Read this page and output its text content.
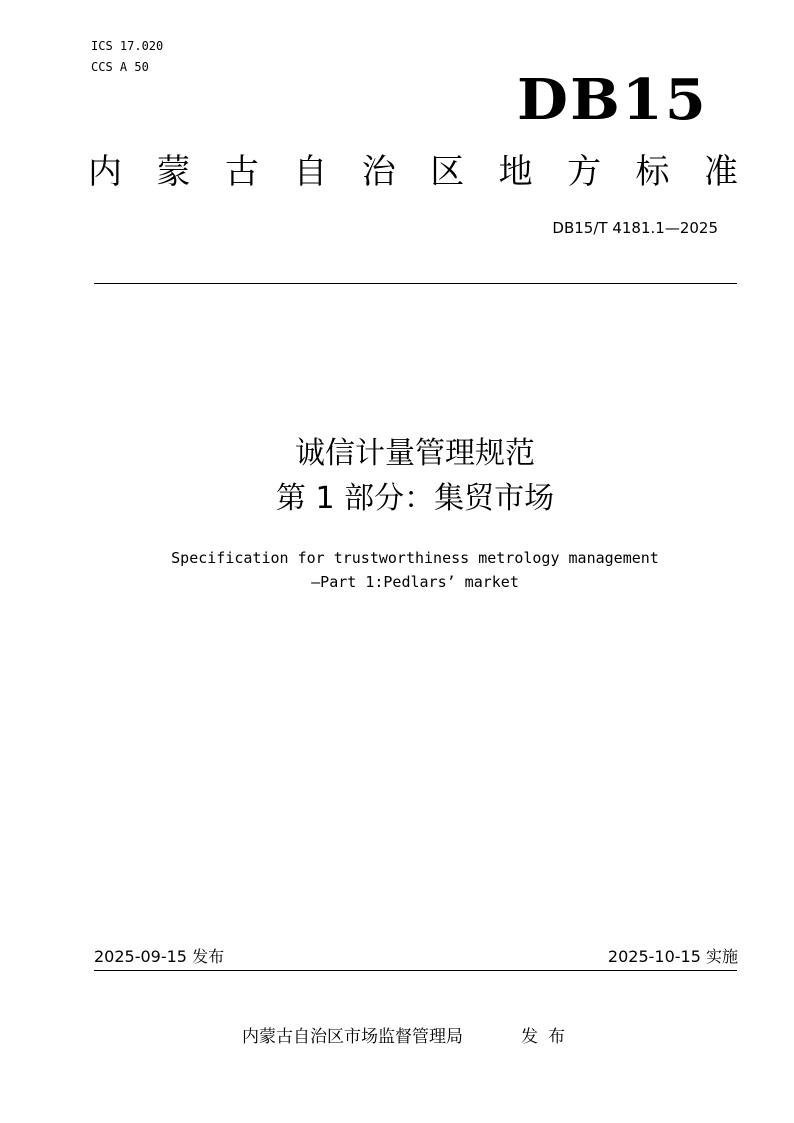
ICS 17.020
CCS A 50	DB15
内 蒙 古 自 治 区 地 方 标 准
DB15/T 4181.1—2025
诚信计量管理规范
第 1 部分：集贸市场
Specification for trustworthiness metrology management
—Part 1:Pedlars’ market
2025-09-15 发布	2025-10-15 实施
内蒙古自治区市场监督管理局	发布
